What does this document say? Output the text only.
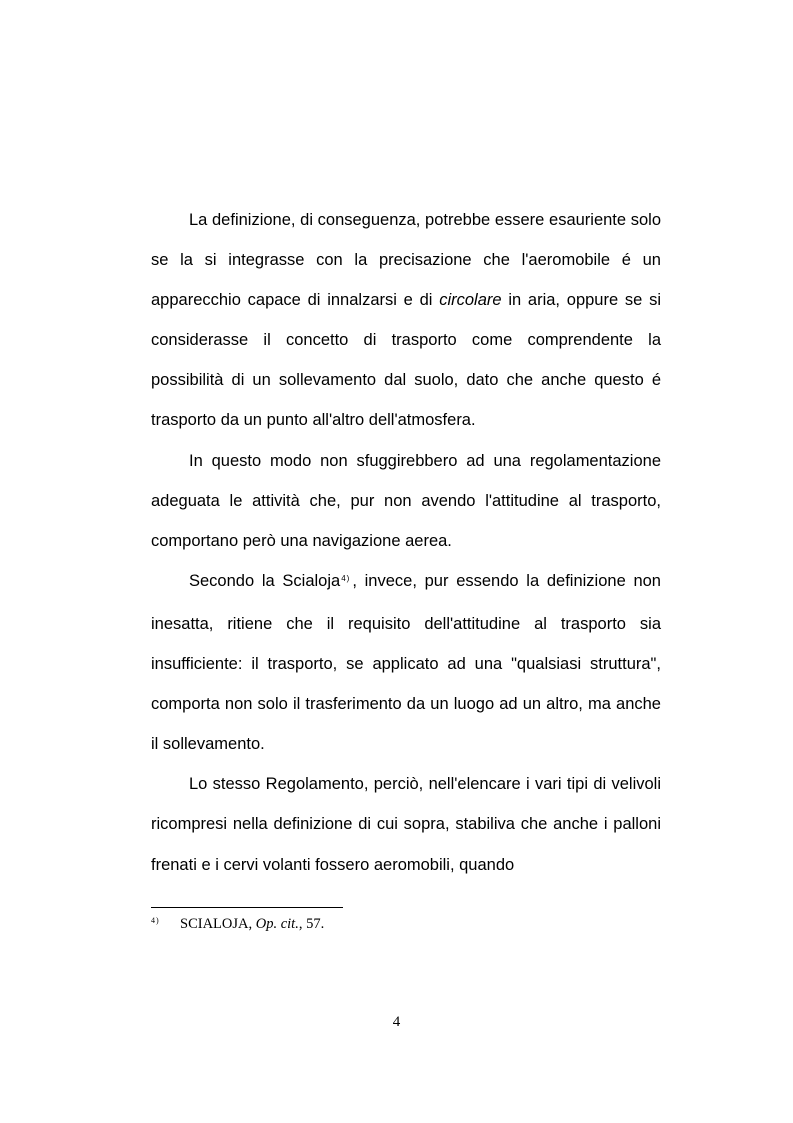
La definizione, di conseguenza, potrebbe essere esauriente solo se la si integrasse con la precisazione che l'aeromobile é un apparecchio capace di innalzarsi e di circolare in aria, oppure se si considerasse il concetto di trasporto come comprendente la possibilità di un sollevamento dal suolo, dato che anche questo é trasporto da un punto all'altro dell'atmosfera.

In questo modo non sfuggirebbero ad una regolamentazione adeguata le attività che, pur non avendo l'attitudine al trasporto, comportano però una navigazione aerea.

Secondo la Scialoja$^{4)}$ , invece, pur essendo la definizione non inesatta, ritiene che il requisito dell'attitudine al trasporto sia insufficiente: il trasporto, se applicato ad una "qualsiasi struttura", comporta non solo il trasferimento da un luogo ad un altro, ma anche il sollevamento.

Lo stesso Regolamento, perciò, nell'elencare i vari tipi di velivoli ricompresi nella definizione di cui sopra, stabiliva che anche i palloni frenati e i cervi volanti fossero aeromobili, quando

4) SCIALOJA, Op. cit., 57.
4
